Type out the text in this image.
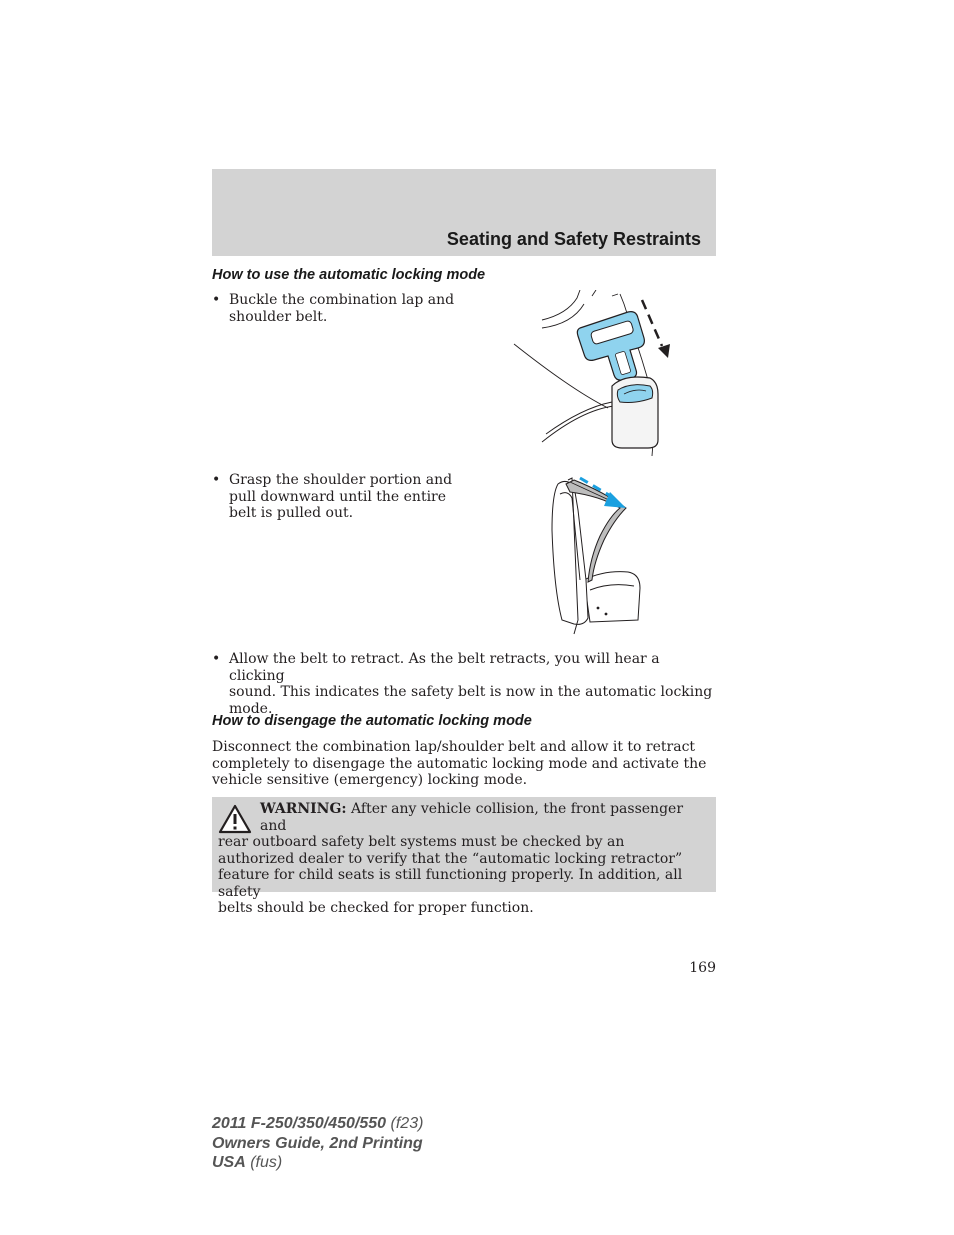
Seating and Safety Restraints
How to use the automatic locking mode
• Buckle the combination lap and
shoulder belt.
• Grasp the shoulder portion and
pull downward until the entire
belt is pulled out.
• Allow the belt to retract. As the belt retracts, you will hear a clicking
sound. This indicates the safety belt is now in the automatic locking
mode.
How to disengage the automatic locking mode
Disconnect the combination lap/shoulder belt and allow it to retract
completely to disengage the automatic locking mode and activate the
vehicle sensitive (emergency) locking mode.
WARNING: After any vehicle collision, the front passenger and
rear outboard safety belt systems must be checked by an
authorized dealer to verify that the “automatic locking retractor”
feature for child seats is still functioning properly. In addition, all safety
belts should be checked for proper function.
169
2011 F-250/350/450/550 (f23)
Owners Guide, 2nd Printing
USA (fus)
